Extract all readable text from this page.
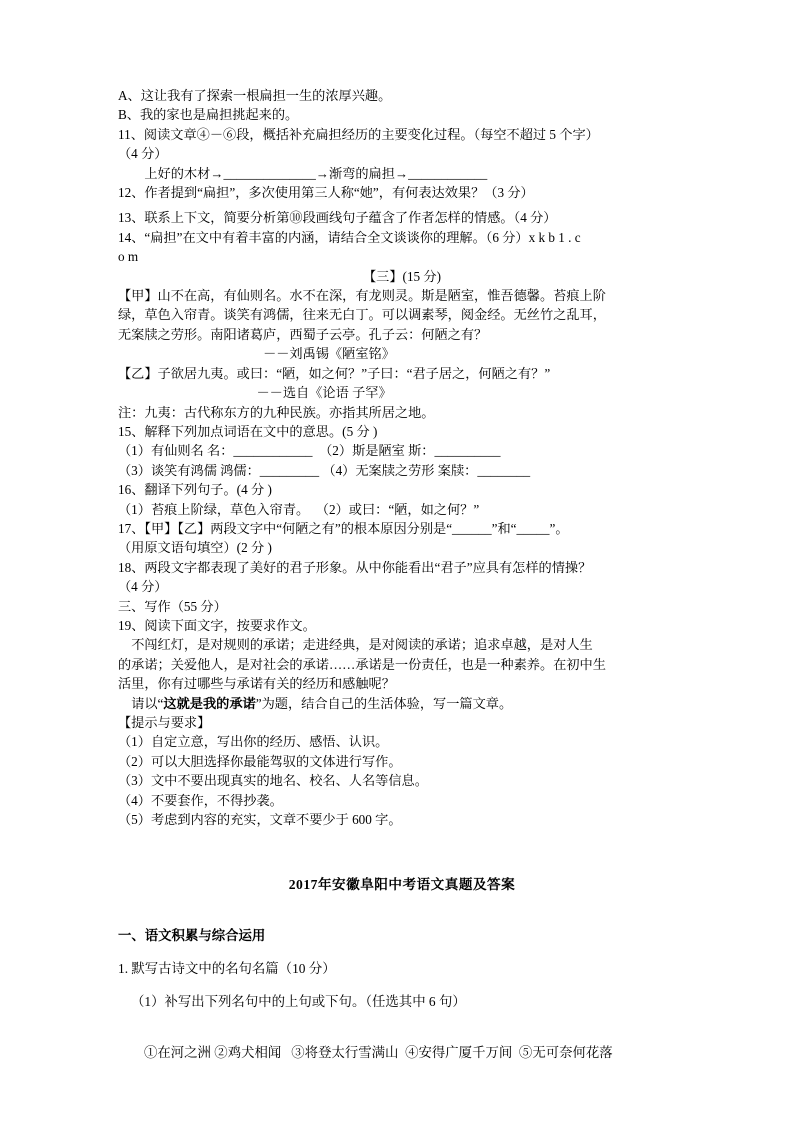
A、这让我有了探索一根扁担一生的浓厚兴趣。

B、我的家也是扁担挑起来的。

11、阅读文章④－⑥段，概括补充扁担经历的主要变化过程。（每空不超过 5 个字）

（4 分）

上好的木材→______________→渐弯的扁担→____________

12、作者提到“扁担”，多次使用第三人称“她”，有何表达效果？（3 分）

13、联系上下文，简要分析第⑩段画线句子蕴含了作者怎样的情感。（4 分）

14、“扁担”在文中有着丰富的内涵，请结合全文谈谈你的理解。（6 分）x k b 1 . c

o m

【三】(15 分)

【甲】山不在高，有仙则名。水不在深，有龙则灵。斯是陋室，惟吾德馨。苔痕上阶

绿，草色入帘青。谈笑有鸿儒，往来无白丁。可以调素琴，阅金经。无丝竹之乱耳，

无案牍之劳形。南阳诸葛庐，西蜀子云亭。孔子云：何陋之有？

－－刘禹锡《陋室铭》

【乙】子欲居九夷。或曰：“陋，如之何？”子曰：“君子居之，何陋之有？”

－－选自《论语 子罕》

注：九夷：古代称东方的九种民族。亦指其所居之地。

15、解释下列加点词语在文中的意思。(5 分 )

（1）有仙则名 名：____________  （2）斯是陋室 斯：__________

（3）谈笑有鸿儒 鸿儒：_________ （4）无案牍之劳形 案牍：________

16、翻译下列句子。(4 分 )

（1）苔痕上阶绿，草色入帘青。  （2）或曰：“陋，如之何？”

17、【甲】【乙】两段文字中“何陋之有”的根本原因分别是“______”和“_____”。

（用原文语句填空）(2 分 )

18、两段文字都表现了美好的君子形象。从中你能看出“君子”应具有怎样的情操？

（4 分）

三、写作（55 分）

19、阅读下面文字，按要求作文。

不闯红灯，是对规则的承诺；走进经典，是对阅读的承诺；追求卓越，是对人生

的承诺；关爱他人，是对社会的承诺……承诺是一份责任，也是一种素养。在初中生

活里，你有过哪些与承诺有关的经历和感触呢？

请以“这就是我的承诺”为题，结合自己的生活体验，写一篇文章。

【提示与要求】

（1）自定立意，写出你的经历、感悟、认识。

（2）可以大胆选择你最能驾驭的文体进行写作。

（3）文中不要出现真实的地名、校名、人名等信息。

（4）不要套作，不得抄袭。

（5）考虑到内容的充实，文章不要少于 600 字。

2017年安徽阜阳中考语文真题及答案

一、语文积累与综合运用

1. 默写古诗文中的名句名篇（10 分）

（1）补写出下列名句中的上句或下句。（任选其中 6 句）

①在河之洲 ②鸡犬相闻   ③将登太行雪满山  ④安得广厦千万间  ⑤无可奈何花落
